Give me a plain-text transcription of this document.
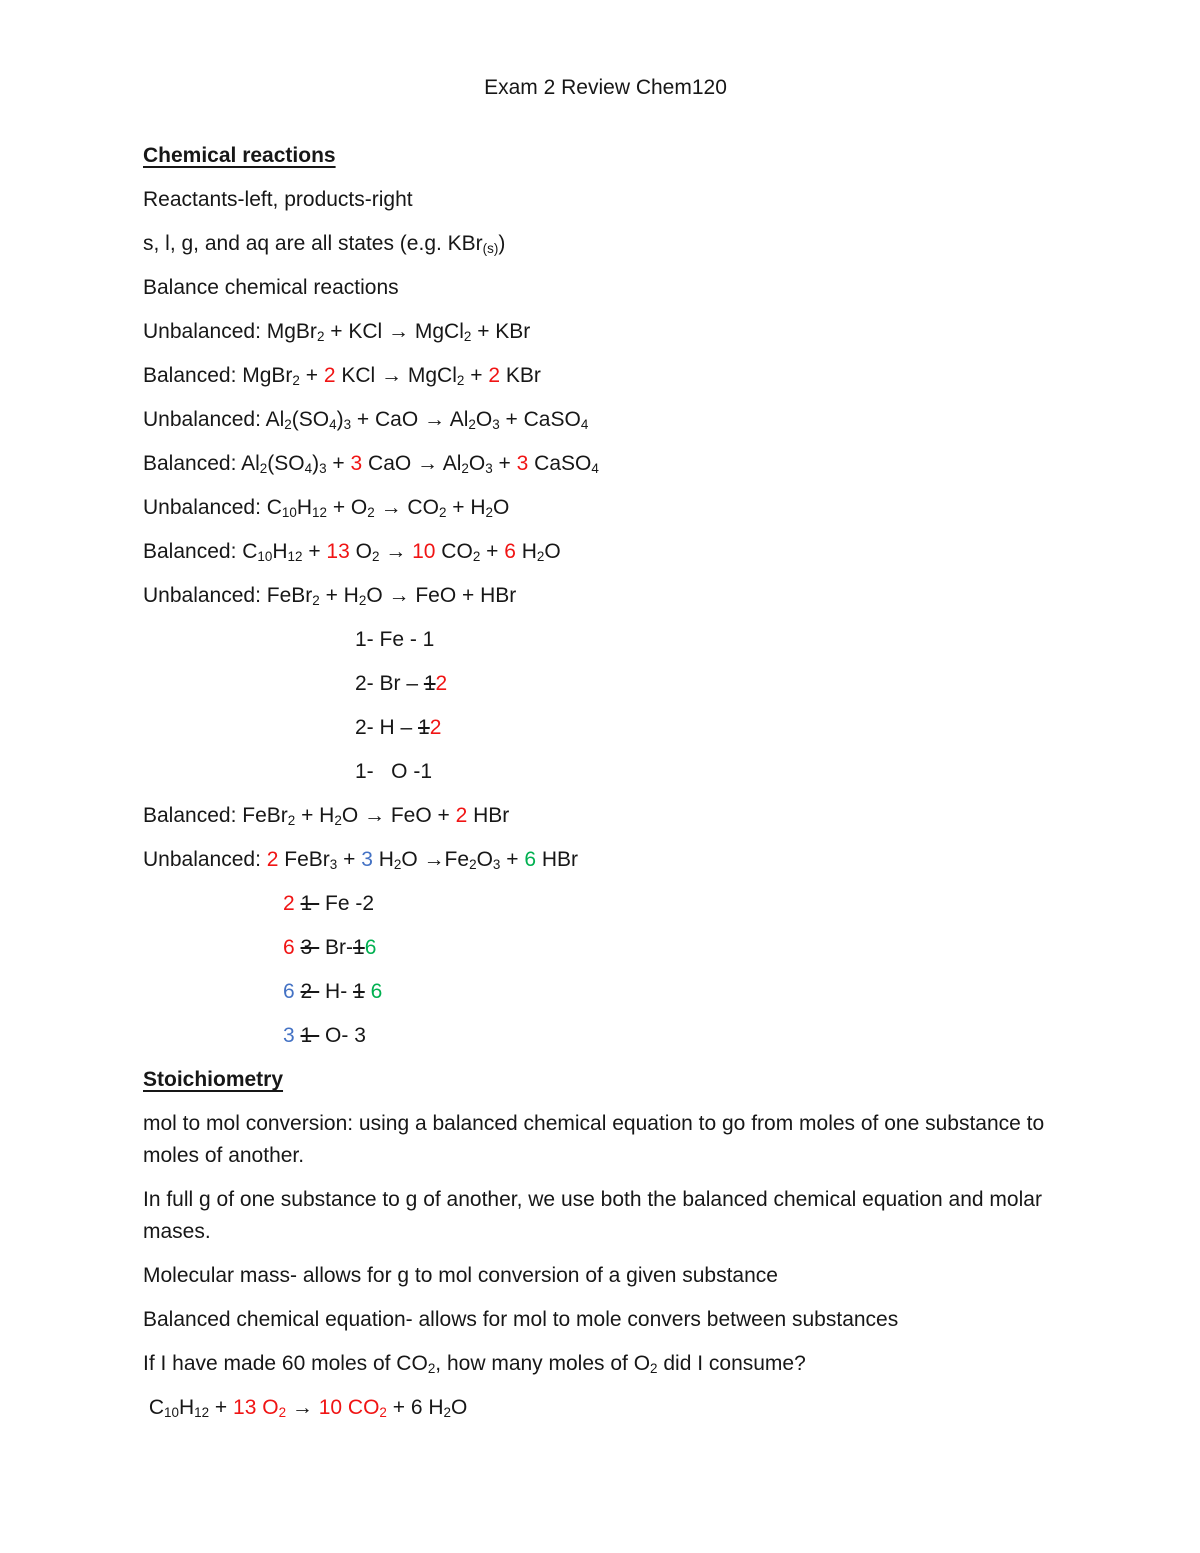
Exam 2 Review Chem120
Chemical reactions
Reactants-left, products-right
s, l, g, and aq are all states (e.g. KBr(s))
Balance chemical reactions
Unbalanced: MgBr2 + KCl → MgCl2 + KBr
Balanced: MgBr2 + 2 KCl → MgCl2 + 2 KBr
Unbalanced: Al2(SO4)3 + CaO → Al2O3 + CaSO4
Balanced: Al2(SO4)3 + 3 CaO → Al2O3 + 3 CaSO4
Unbalanced: C10H12 + O2 → CO2 + H2O
Balanced: C10H12 + 13 O2 → 10 CO2 + 6 H2O
Unbalanced: FeBr2 + H2O → FeO + HBr
1- Fe - 1
2- Br – 12
2- H – 12
1-   O -1
Balanced: FeBr2 + H2O → FeO + 2 HBr
Unbalanced: 2 FeBr3 + 3 H2O →Fe2O3 + 6 HBr
2 1- Fe -2
6 3- Br-16
6 2- H- 1 6
3 1- O- 3
Stoichiometry
mol to mol conversion: using a balanced chemical equation to go from moles of one substance to moles of another.
In full g of one substance to g of another, we use both the balanced chemical equation and molar mases.
Molecular mass- allows for g to mol conversion of a given substance
Balanced chemical equation- allows for mol to mole convers between substances
If I have made 60 moles of CO2, how many moles of O2 did I consume?
C10H12 + 13 O2 → 10 CO2 + 6 H2O
